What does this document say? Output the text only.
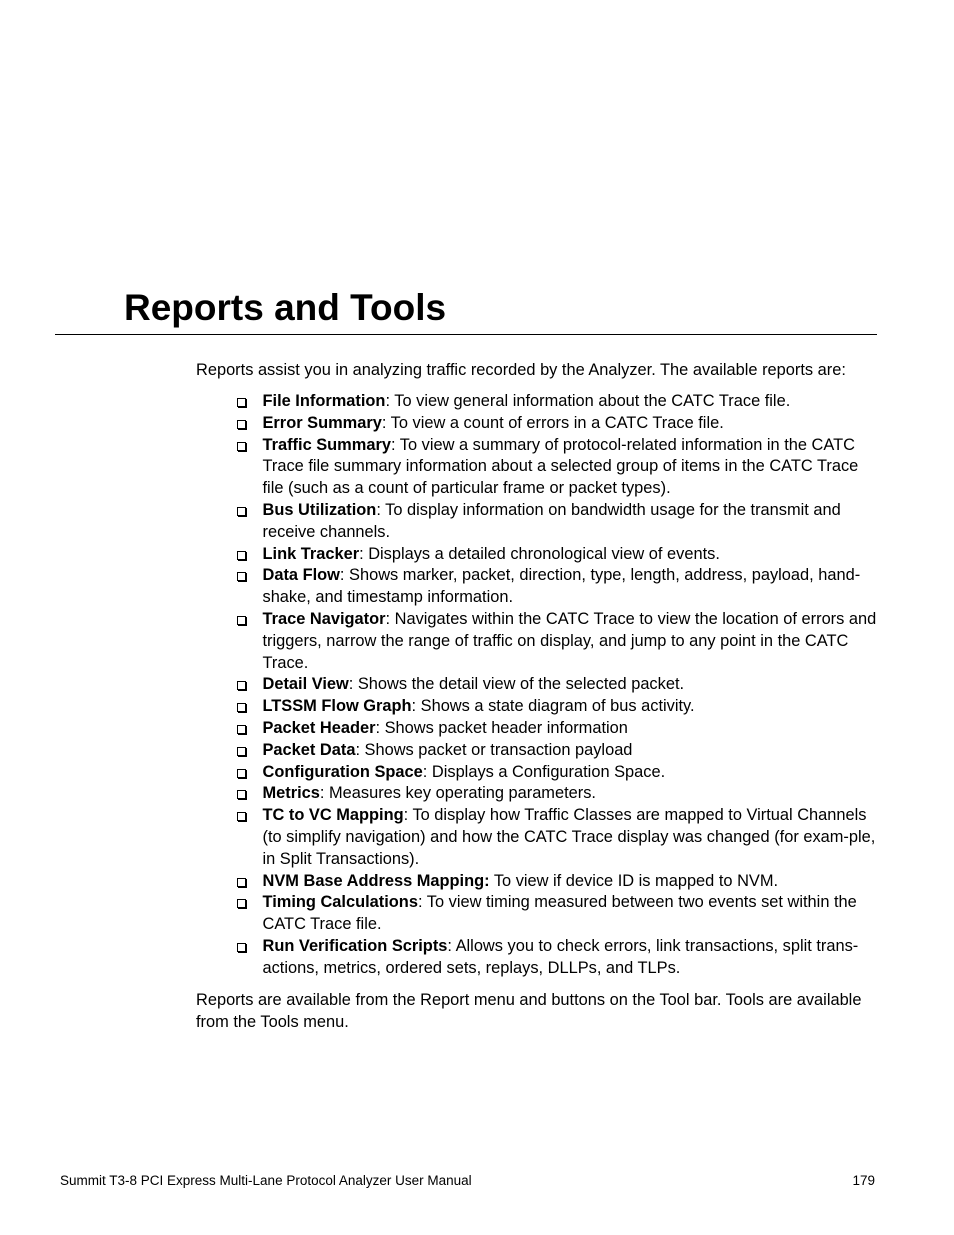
Reports and Tools

Reports assist you in analyzing traffic recorded by the Analyzer. The available reports are:

File Information: To view general information about the CATC Trace file.
Error Summary: To view a count of errors in a CATC Trace file.
Traffic Summary: To view a summary of protocol-related information in the CATC Trace file summary information about a selected group of items in the CATC Trace file (such as a count of particular frame or packet types).
Bus Utilization: To display information on bandwidth usage for the transmit and receive channels.
Link Tracker: Displays a detailed chronological view of events.
Data Flow: Shows marker, packet, direction, type, length, address, payload, hand-shake, and timestamp information.
Trace Navigator: Navigates within the CATC Trace to view the location of errors and triggers, narrow the range of traffic on display, and jump to any point in the CATC Trace.
Detail View: Shows the detail view of the selected packet.
LTSSM Flow Graph: Shows a state diagram of bus activity.
Packet Header: Shows packet header information
Packet Data: Shows packet or transaction payload
Configuration Space: Displays a Configuration Space.
Metrics: Measures key operating parameters.
TC to VC Mapping: To display how Traffic Classes are mapped to Virtual Channels (to simplify navigation) and how the CATC Trace display was changed (for exam-ple, in Split Transactions).
NVM Base Address Mapping: To view if device ID is mapped to NVM.
Timing Calculations: To view timing measured between two events set within the CATC Trace file.
Run Verification Scripts: Allows you to check errors, link transactions, split trans-actions, metrics, ordered sets, replays, DLLPs, and TLPs.

Reports are available from the Report menu and buttons on the Tool bar. Tools are available from the Tools menu.

Summit T3-8 PCI Express Multi-Lane Protocol Analyzer User Manual	179
